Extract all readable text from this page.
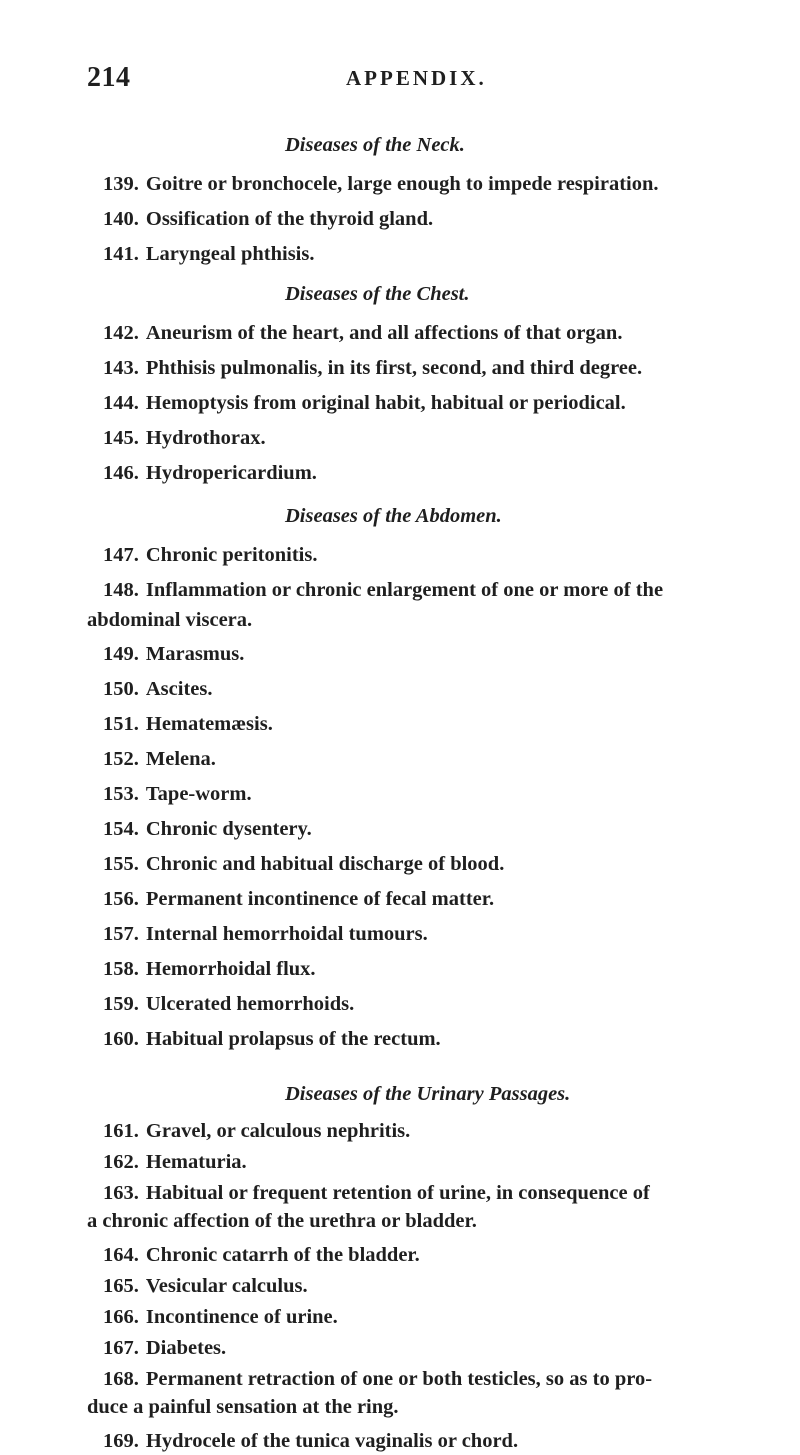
214	APPENDIX.
Diseases of the Neck.
139. Goitre or bronchocele, large enough to impede respiration.
140. Ossification of the thyroid gland.
141. Laryngeal phthisis.
Diseases of the Chest.
142. Aneurism of the heart, and all affections of that organ.
143. Phthisis pulmonalis, in its first, second, and third degree.
144. Hemoptysis from original habit, habitual or periodical.
145. Hydrothorax.
146. Hydropericardium.
Diseases of the Abdomen.
147. Chronic peritonitis.
148. Inflammation or chronic enlargement of one or more of the
abdominal viscera.
149. Marasmus.
150. Ascites.
151. Hematemæsis.
152. Melena.
153. Tape-worm.
154. Chronic dysentery.
155. Chronic and habitual discharge of blood.
156. Permanent incontinence of fecal matter.
157. Internal hemorrhoidal tumours.
158. Hemorrhoidal flux.
159. Ulcerated hemorrhoids.
160. Habitual prolapsus of the rectum.
Diseases of the Urinary Passages.
161. Gravel, or calculous nephritis.
162. Hematuria.
163. Habitual or frequent retention of urine, in consequence of
a chronic affection of the urethra or bladder.
164. Chronic catarrh of the bladder.
165. Vesicular calculus.
166. Incontinence of urine.
167. Diabetes.
168. Permanent retraction of one or both testicles, so as to pro-
duce a painful sensation at the ring.
169. Hydrocele of the tunica vaginalis or chord.
